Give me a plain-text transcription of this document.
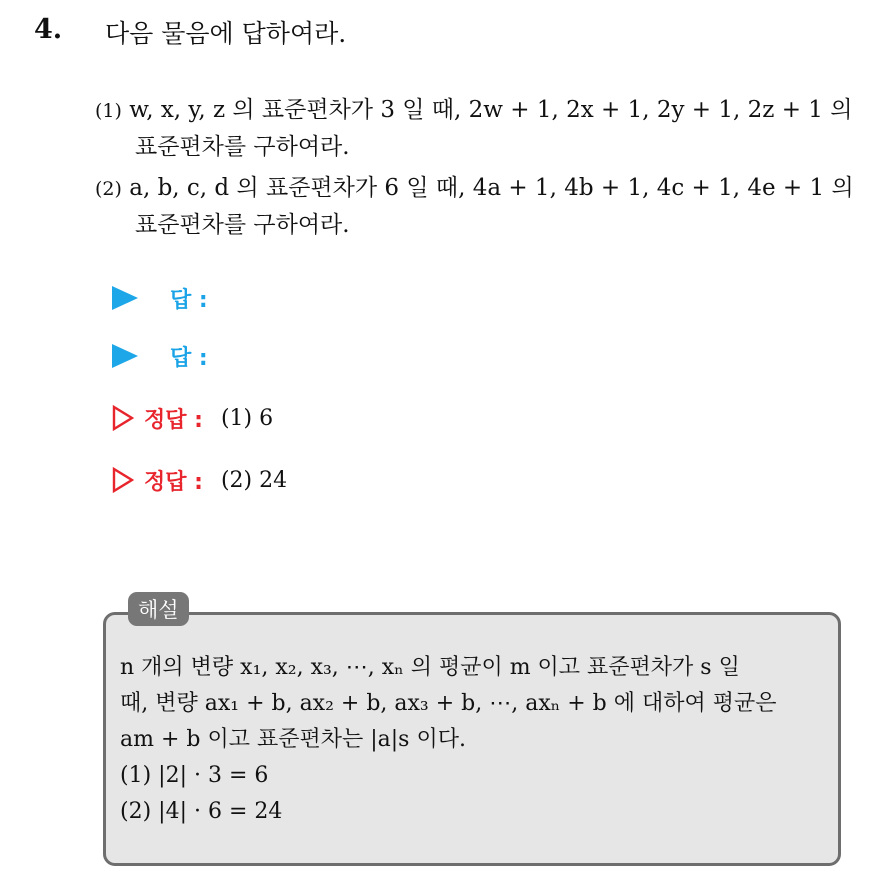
4. 다음 물음에 답하여라.
(1) w, x, y, z 의 표준편차가 3 일 때, 2w + 1, 2x + 1, 2y + 1, 2z + 1 의
표준편차를 구하여라.
(2) a, b, c, d 의 표준편차가 6 일 때, 4a + 1, 4b + 1, 4c + 1, 4e + 1 의
표준편차를 구하여라.
답 :
답 :
정답 : (1) 6
정답 : (2) 24
해설
n 개의 변량 x₁, x₂, x₃, ⋯, xₙ 의 평균이 m 이고 표준편차가 s 일
때, 변량 ax₁ + b, ax₂ + b, ax₃ + b, ⋯, axₙ + b 에 대하여 평균은
am + b 이고 표준편차는 |a|s 이다.
(1) |2| · 3 = 6
(2) |4| · 6 = 24
